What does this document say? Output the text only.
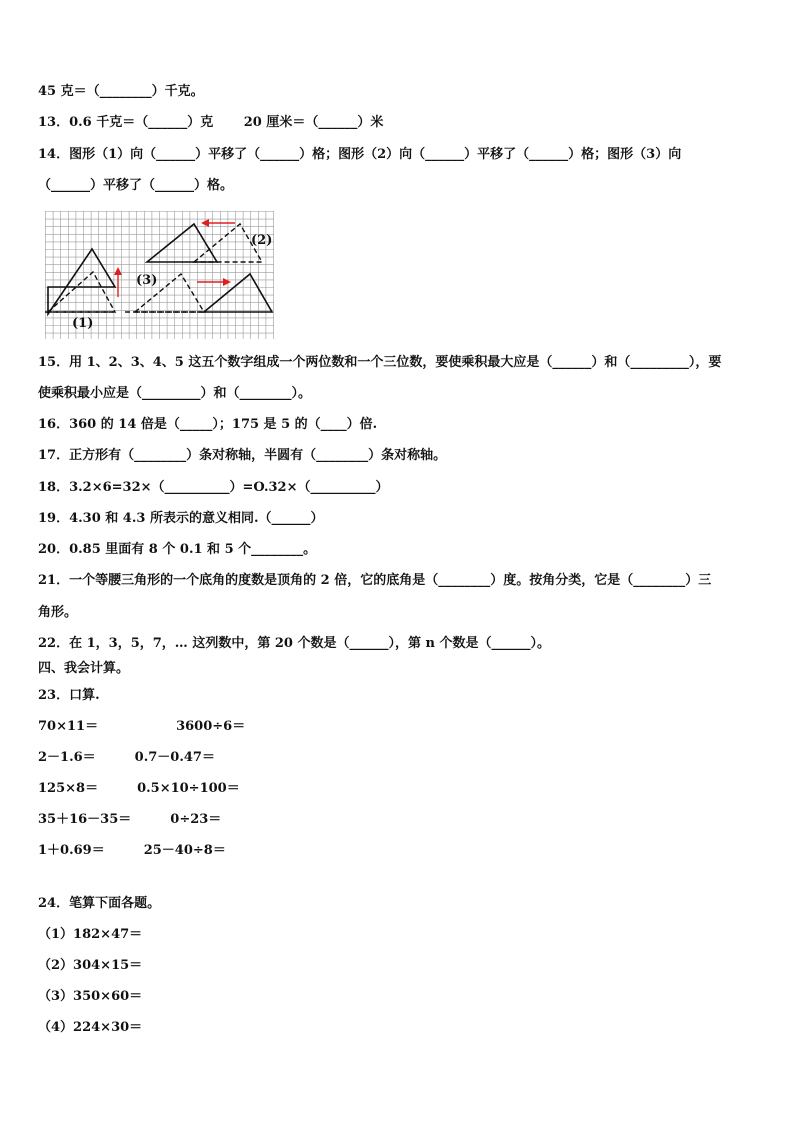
45 克＝（________）千克。
13．0.6 千克＝（______）克　　 20 厘米＝（______）米
14．图形（1）向（______）平移了（______）格；图形（2）向（______）平移了（______）格；图形（3）向
（______）平移了（______）格。
(1)
(2)
(3)
15．用 1、2、3、4、5 这五个数字组成一个两位数和一个三位数，要使乘积最大应是（______）和（_________），要
使乘积最小应是（_________）和（________）。
16．360 的 14 倍是（_____）；175 是 5 的（____）倍.
17．正方形有（________）条对称轴，半圆有（________）条对称轴。
18．3.2×6=32×（__________）=O.32×（__________）
19．4.30 和 4.3 所表示的意义相同.（______）
20．0.85 里面有 8 个 0.1 和 5 个________。
21．一个等腰三角形的一个底角的度数是顶角的 2 倍，它的底角是（________）度。按角分类，它是（________）三
角形。
22．在 1，3，5，7，… 这列数中，第 20 个数是（______），第 n 个数是（______）。
四、我会计算。
23．口算.
70×11＝　　　　　　3600÷6＝
2－1.6＝　　　0.7－0.47＝
125×8＝　　　0.5×10÷100＝
35＋16－35＝　　　0÷23＝
1＋0.69＝　　　25－40÷8＝
24．笔算下面各题。
（1）182×47＝
（2）304×15＝
（3）350×60＝
（4）224×30＝
